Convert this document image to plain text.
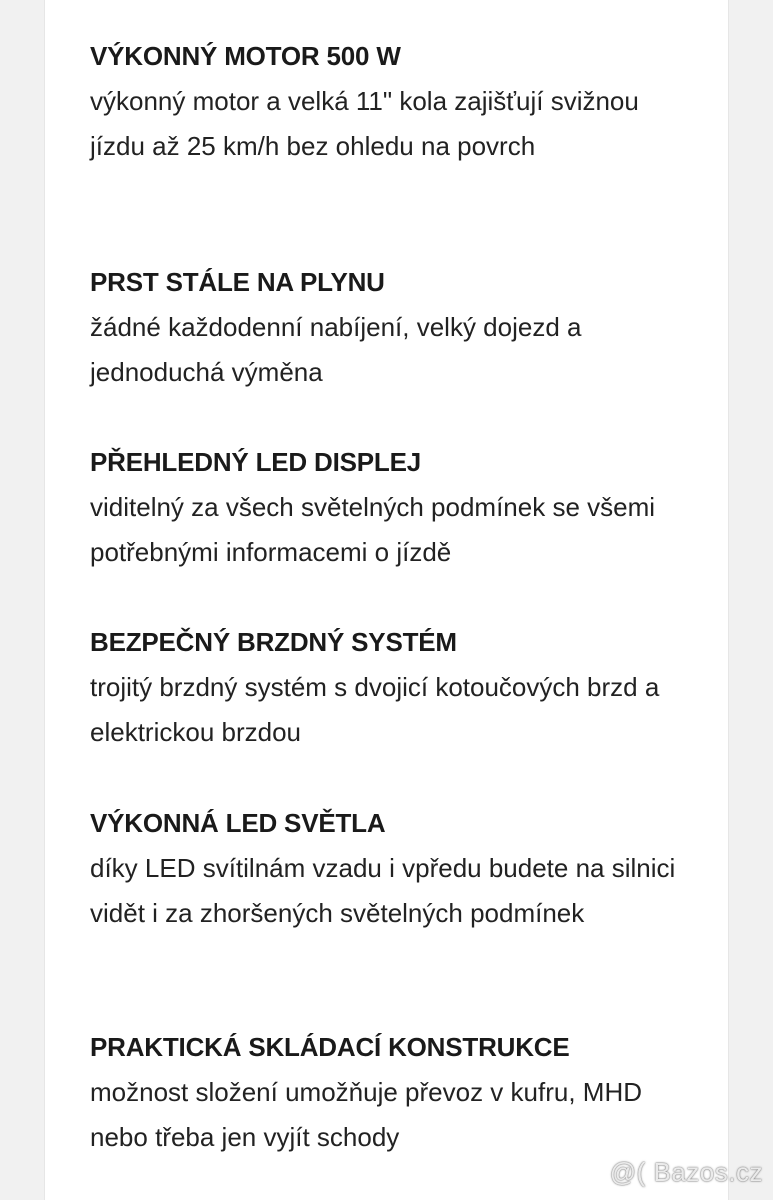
VÝKONNÝ MOTOR 500 W
výkonný motor a velká 11" kola zajišťují svižnou jízdu až 25 km/h bez ohledu na povrch
PRST STÁLE NA PLYNU
žádné každodenní nabíjení, velký dojezd a jednoduchá výměna
PŘEHLEDNÝ LED DISPLEJ
viditelný za všech světelných podmínek se všemi potřebnými informacemi o jízdě
BEZPEČNÝ BRZDNÝ SYSTÉM
trojitý brzdný systém s dvojicí kotoučových brzd a elektrickou brzdou
VÝKONNÁ LED SVĚTLA
díky LED svítilnám vzadu i vpředu budete na silnici vidět i za zhoršených světelných podmínek
PRAKTICKÁ SKLÁDACÍ KONSTRUKCE
možnost složení umožňuje převoz v kufru, MHD nebo třeba jen vyjít schody
@( Bazos.cz
